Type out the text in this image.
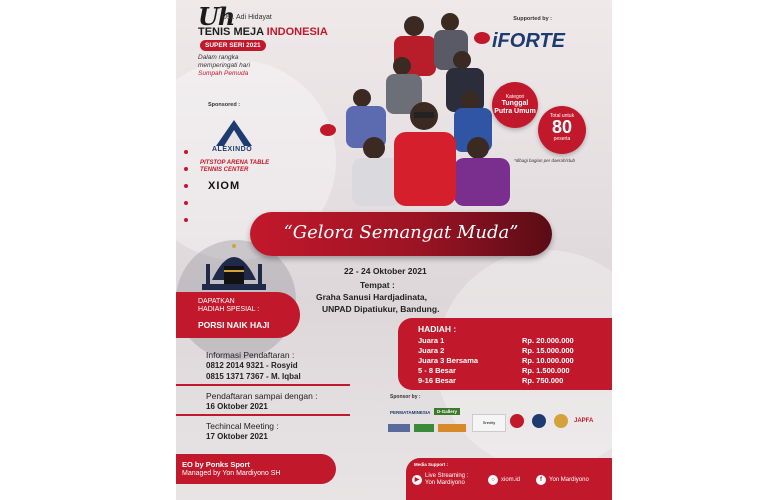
Uh
Ust. Adi Hidayat
TENIS MEJA INDONESIA
SUPER SERI 2021
Dalam rangka
memperingati hari
Sumpah Pemuda
Supported by :
iFORTE
Sponsored :
ALEXINDO
PITSTOP ARENA TABLE TENNIS CENTER
XIOM
Kategori
Tunggal Putra Umum
Total untuk
80
peserta
*dibagi bagian per daerah/club
“Gelora Semangat Muda”
22 - 24 Oktober 2021
Tempat :
Graha Sanusi Hardjadinata,
UNPAD Dipatiukur, Bandung.
DAPATKAN
HADIAH SPESIAL :
PORSI NAIK HAJI
Informasi Pendaftaran :
0812 2014 9321 - Rosyid
0815 1371 7367 - M. Iqbal
Pendaftaran sampai dengan :
16 Oktober 2021
Techincal Meeting :
17 Oktober 2021
EO by Ponks Sport
Managed by Yon Mardiyono SH
HADIAH :
Juara 1	Rp. 20.000.000
Juara 2	Rp. 15.000.000
Juara 3 Bersama	Rp. 10.000.000
5 - 8 Besar	Rp. 1.500.000
9-16 Besar	Rp. 750.000
Sponsor by :
PERMATAMINESIA	D-Gallery
Srenity	JAPFA
Media Support :
▶
Live Streaming :
Yon Mardiyono	○	xiom.id	f	Yon Mardiyono
